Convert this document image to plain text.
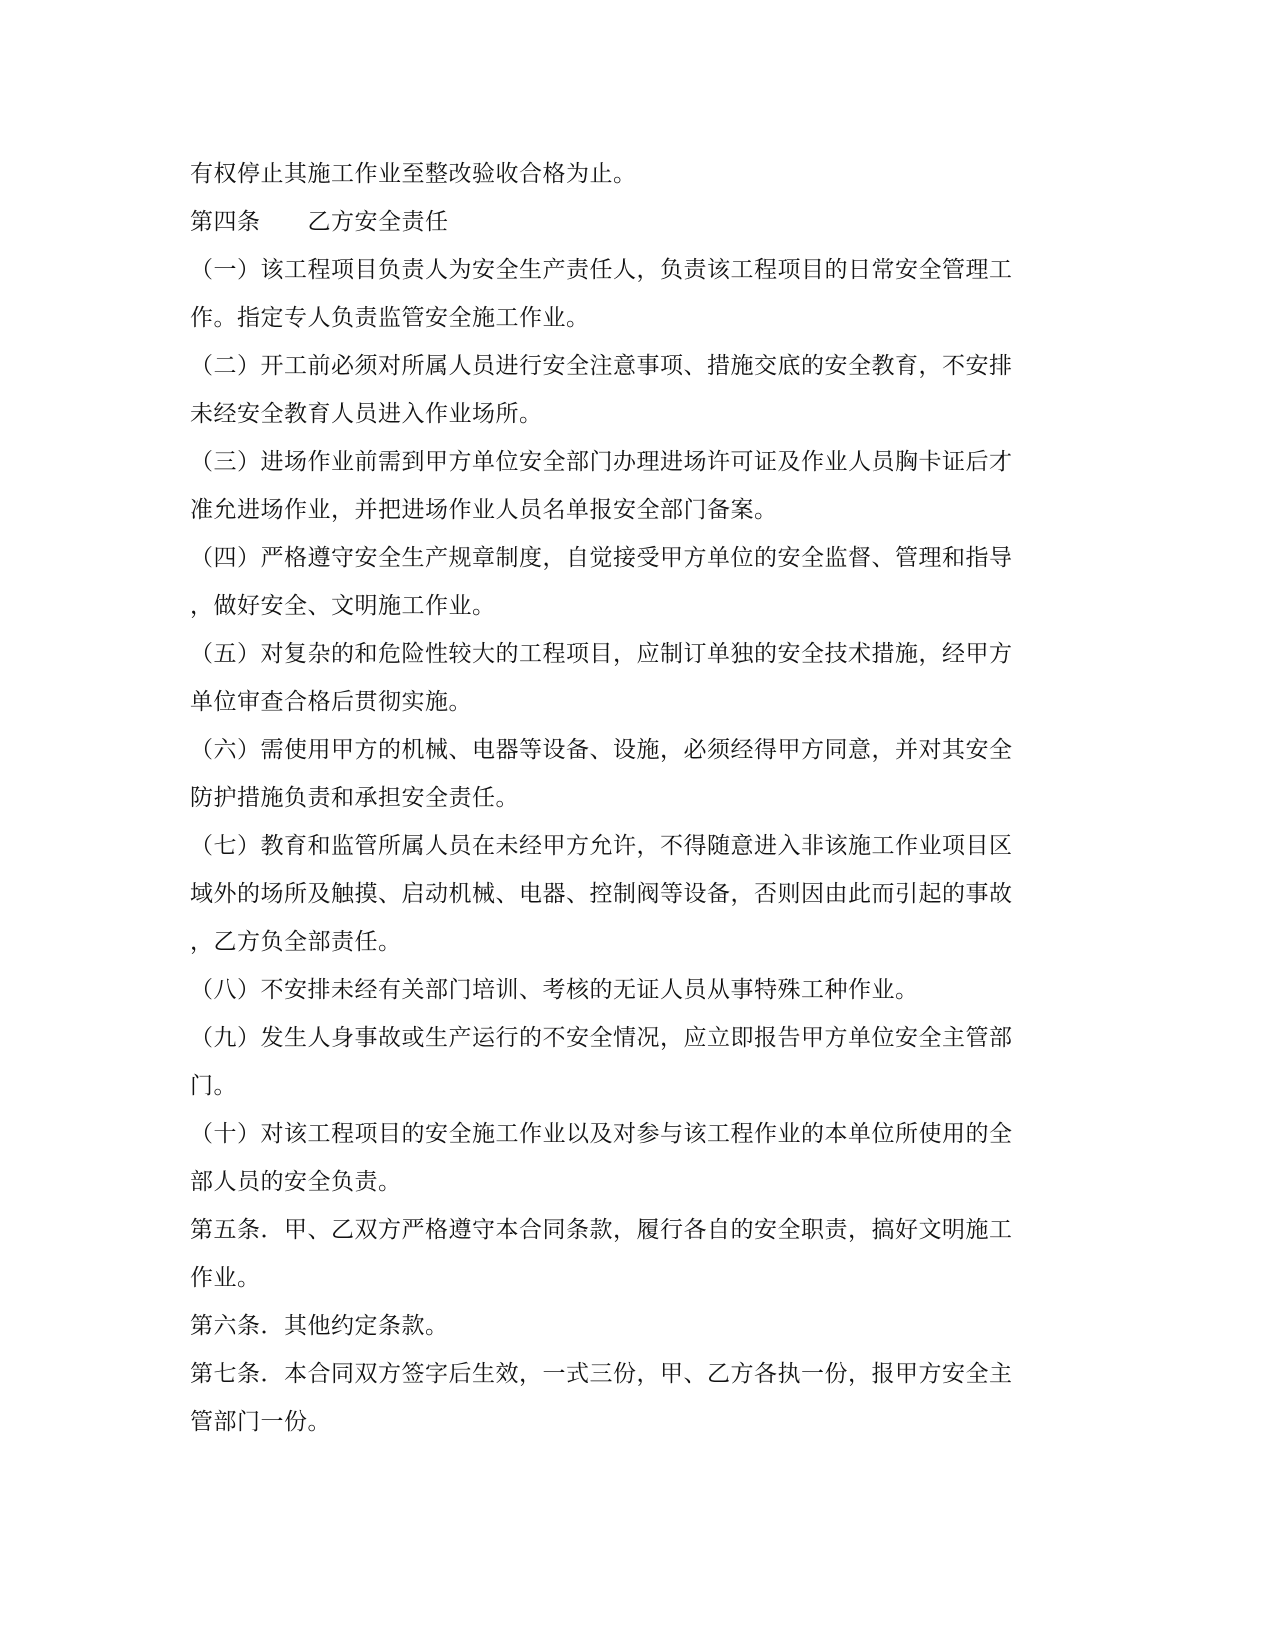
有权停止其施工作业至整改验收合格为止。
第四条　　乙方安全责任
（一）该工程项目负责人为安全生产责任人，负责该工程项目的日常安全管理工
作。指定专人负责监管安全施工作业。
（二）开工前必须对所属人员进行安全注意事项、措施交底的安全教育，不安排
未经安全教育人员进入作业场所。
（三）进场作业前需到甲方单位安全部门办理进场许可证及作业人员胸卡证后才
准允进场作业，并把进场作业人员名单报安全部门备案。
（四）严格遵守安全生产规章制度，自觉接受甲方单位的安全监督、管理和指导
，做好安全、文明施工作业。
（五）对复杂的和危险性较大的工程项目，应制订单独的安全技术措施，经甲方
单位审查合格后贯彻实施。
（六）需使用甲方的机械、电器等设备、设施，必须经得甲方同意，并对其安全
防护措施负责和承担安全责任。
（七）教育和监管所属人员在未经甲方允许，不得随意进入非该施工作业项目区
域外的场所及触摸、启动机械、电器、控制阀等设备，否则因由此而引起的事故
，乙方负全部责任。
（八）不安排未经有关部门培训、考核的无证人员从事特殊工种作业。
（九）发生人身事故或生产运行的不安全情况，应立即报告甲方单位安全主管部
门。
（十）对该工程项目的安全施工作业以及对参与该工程作业的本单位所使用的全
部人员的安全负责。
第五条．甲、乙双方严格遵守本合同条款，履行各自的安全职责，搞好文明施工
作业。
第六条．其他约定条款。
第七条．本合同双方签字后生效，一式三份，甲、乙方各执一份，报甲方安全主
管部门一份。
